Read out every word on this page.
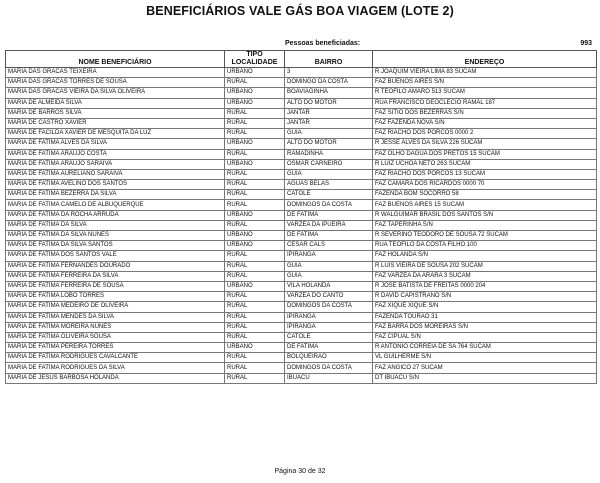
BENEFICIÁRIOS VALE GÁS BOA VIAGEM (LOTE 2)
Pessoas beneficiadas:	993
NOME BENEFICIÁRIO	TIPO LOCALIDADE	BAIRRO	ENDEREÇO
MARIA DAS GRACAS TEIXEIRA	URBANO	3	R JOAQUIM VIEIRA LIMA 83 SUCAM
MARIA DAS GRACAS TORRES DE SOUSA	RURAL	DOMINGO DA COSTA	FAZ BUENOS AIRES S/N
MARIA DAS GRACAS VIEIRA DA SILVA OLIVEIRA	URBANO	BOAVIAGINHA	R TEOFILO AMARO 513 SUCAM
MARIA DE ALMEIDA SILVA	URBANO	ALTO DO MOTOR	RUA FRANCISCO DEOCLECIO RAMAL 187
MARIA DE BARROS SILVA	RURAL	JANTAR	FAZ SITIO DOS BEZERRAS S/N
MARIA DE CASTRO XAVIER	RURAL	JANTAR	FAZ FAZENDA NOVA S/N
MARIA DE FACILDA XAVIER DE MESQUITA DA LUZ	RURAL	GUIA	FAZ RIACHO DOS PORCOS 0000 2
MARIA DE FATIMA ALVES DA SILVA	URBANO	ALTO DO MOTOR	R JESSE ALVES DA SILVA 226 SUCAM
MARIA DE FATIMA ARAUJO COSTA	RURAL	RAMADINHA	FAZ OLHO DAGUA DOS PRETOS 15 SUCAM
MARIA DE FATIMA ARAUJO SARAIVA	URBANO	OSMAR CARNEIRO	R LUIZ UCHOA NETO 263 SUCAM
MARIA DE FATIMA AURELIANO SARAIVA	RURAL	GUIA	FAZ RIACHO DOS PORCOS 13 SUCAM
MARIA DE FATIMA AVELINO DOS SANTOS	RURAL	AGUAS BELAS	FAZ CAMARA DOS RICARDOS 0000 70
MARIA DE FATIMA BEZERRA DA SILVA	RURAL	CATOLE	FAZENDA BOM SOCORRO 58
MARIA DE FATIMA CAMELO DE ALBUQUERQUE	RURAL	DOMINGOS DA COSTA	FAZ BUENOS AIRES 15 SUCAM
MARIA DE FATIMA DA ROCHA ARRUDA	URBANO	DE FATIMA	R WALGUIMAR BRASIL DOS SANTOS S/N
MARIA DE FATIMA DA SILVA	RURAL	VARZEA DA IPUEIRA	FAZ TAPERINHA S/N
MARIA DE FATIMA DA SILVA NUNES	URBANO	DE FATIMA	R SEVERINO TEODORO DE SOUSA 72 SUCAM
MARIA DE FATIMA DA SILVA SANTOS	URBANO	CESAR CALS	RUA TEOFILO DA COSTA FILHO 100
MARIA DE FATIMA DOS SANTOS VALE	RURAL	IPIRANGA	FAZ HOLANDA S/N
MARIA DE FATIMA FERNANDES DOURADO	RURAL	GUIA	R LUIS VIEIRA DE SOUSA 202 SUCAM
MARIA DE FATIMA FERREIRA DA SILVA	RURAL	GUIA	FAZ VARZEA DA ARARA 3 SUCAM
MARIA DE FATIMA FERREIRA DE SOUSA	URBANO	VILA HOLANDA	R JOSE BATISTA DE FREITAS 0000 204
MARIA DE FATIMA LOBO TORRES	RURAL	VARZEA DO CANTO	R DAVID CAPISTRANO S/N
MARIA DE FATIMA MEDEIRO DE OLIVEIRA	RURAL	DOMINGOS DA COSTA	FAZ XIQUE XIQUE S/N
MARIA DE FATIMA MENDES DA SILVA	RURAL	IPIRANGA	FAZENDA TOURAO 31
MARIA DE FATIMA MOREIRA NUNES	RURAL	IPIRANGA	FAZ BARRA DOS MOREIRAS S/N
MARIA DE FATIMA OLIVEIRA SOUSA	RURAL	CATOLE	FAZ CIPUAL S/N
MARIA DE FATIMA PEREIRA TORRES	URBANO	DE FATIMA	R ANTONIO CORREIA DE SA 764 SUCAM
MARIA DE FATIMA RODRIGUES CAVALCANTE	RURAL	BOLQUEIRAO	VL GUILHERME S/N
MARIA DE FATIMA RODRIGUES DA SILVA	RURAL	DOMINGOS DA COSTA	FAZ ANGICO 27 SUCAM
MARIA DE JESUS BARBOSA HOLANDA	RURAL	IBUACU	DT IBUACU S/N
Página 30 de 32
